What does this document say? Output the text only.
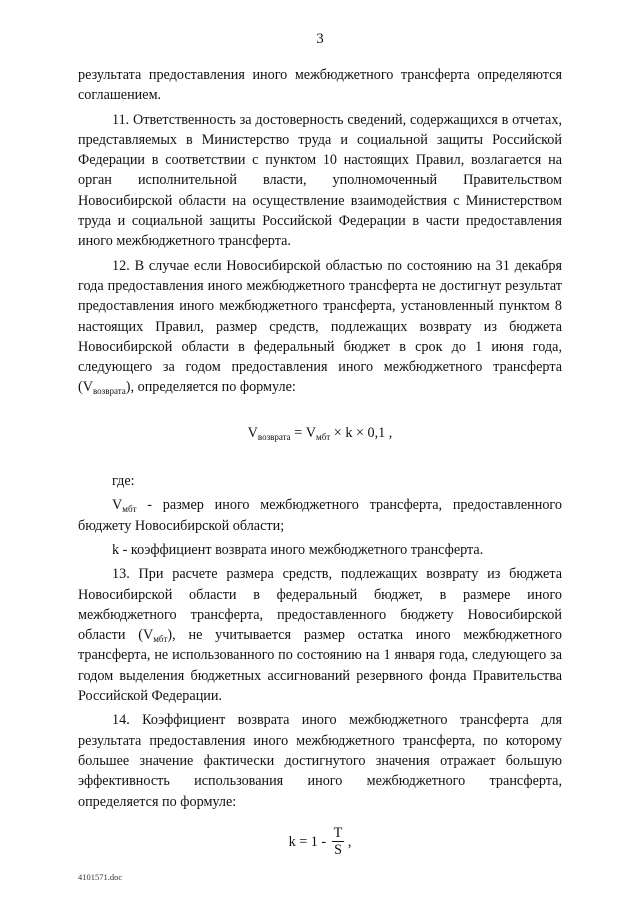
3

результата предоставления иного межбюджетного трансферта определяются соглашением.

11. Ответственность за достоверность сведений, содержащихся в отчетах, представляемых в Министерство труда и социальной защиты Российской Федерации в соответствии с пунктом 10 настоящих Правил, возлагается на орган исполнительной власти, уполномоченный Правительством Новосибирской области на осуществление взаимодействия с Министерством труда и социальной защиты Российской Федерации в части предоставления иного межбюджетного трансферта.

12. В случае если Новосибирской областью по состоянию на 31 декабря года предоставления иного межбюджетного трансферта не достигнут результат предоставления иного межбюджетного трансферта, установленный пунктом 8 настоящих Правил, размер средств, подлежащих возврату из бюджета Новосибирской области в федеральный бюджет в срок до 1 июня года, следующего за годом предоставления иного межбюджетного трансферта $(V_{возврата})$, определяется по формуле:

$V_{возврата} = V_{мбт} \times k \times 0,1$ ,

где:

$V_{мбт}$ - размер иного межбюджетного трансферта, предоставленного бюджету Новосибирской области;

k - коэффициент возврата иного межбюджетного трансферта.

13. При расчете размера средств, подлежащих возврату из бюджета Новосибирской области в федеральный бюджет, в размере иного межбюджетного трансферта, предоставленного бюджету Новосибирской области $(V_{мбт})$, не учитывается размер остатка иного межбюджетного трансферта, не использованного по состоянию на 1 января года, следующего за годом выделения бюджетных ассигнований резервного фонда Правительства Российской Федерации.

14. Коэффициент возврата иного межбюджетного трансферта для результата предоставления иного межбюджетного трансферта, по которому большее значение фактически достигнутого значения отражает большую эффективность использования иного межбюджетного трансферта, определяется по формуле:

$k = 1 - \frac{T}{S}$ ,
4101571.doc
